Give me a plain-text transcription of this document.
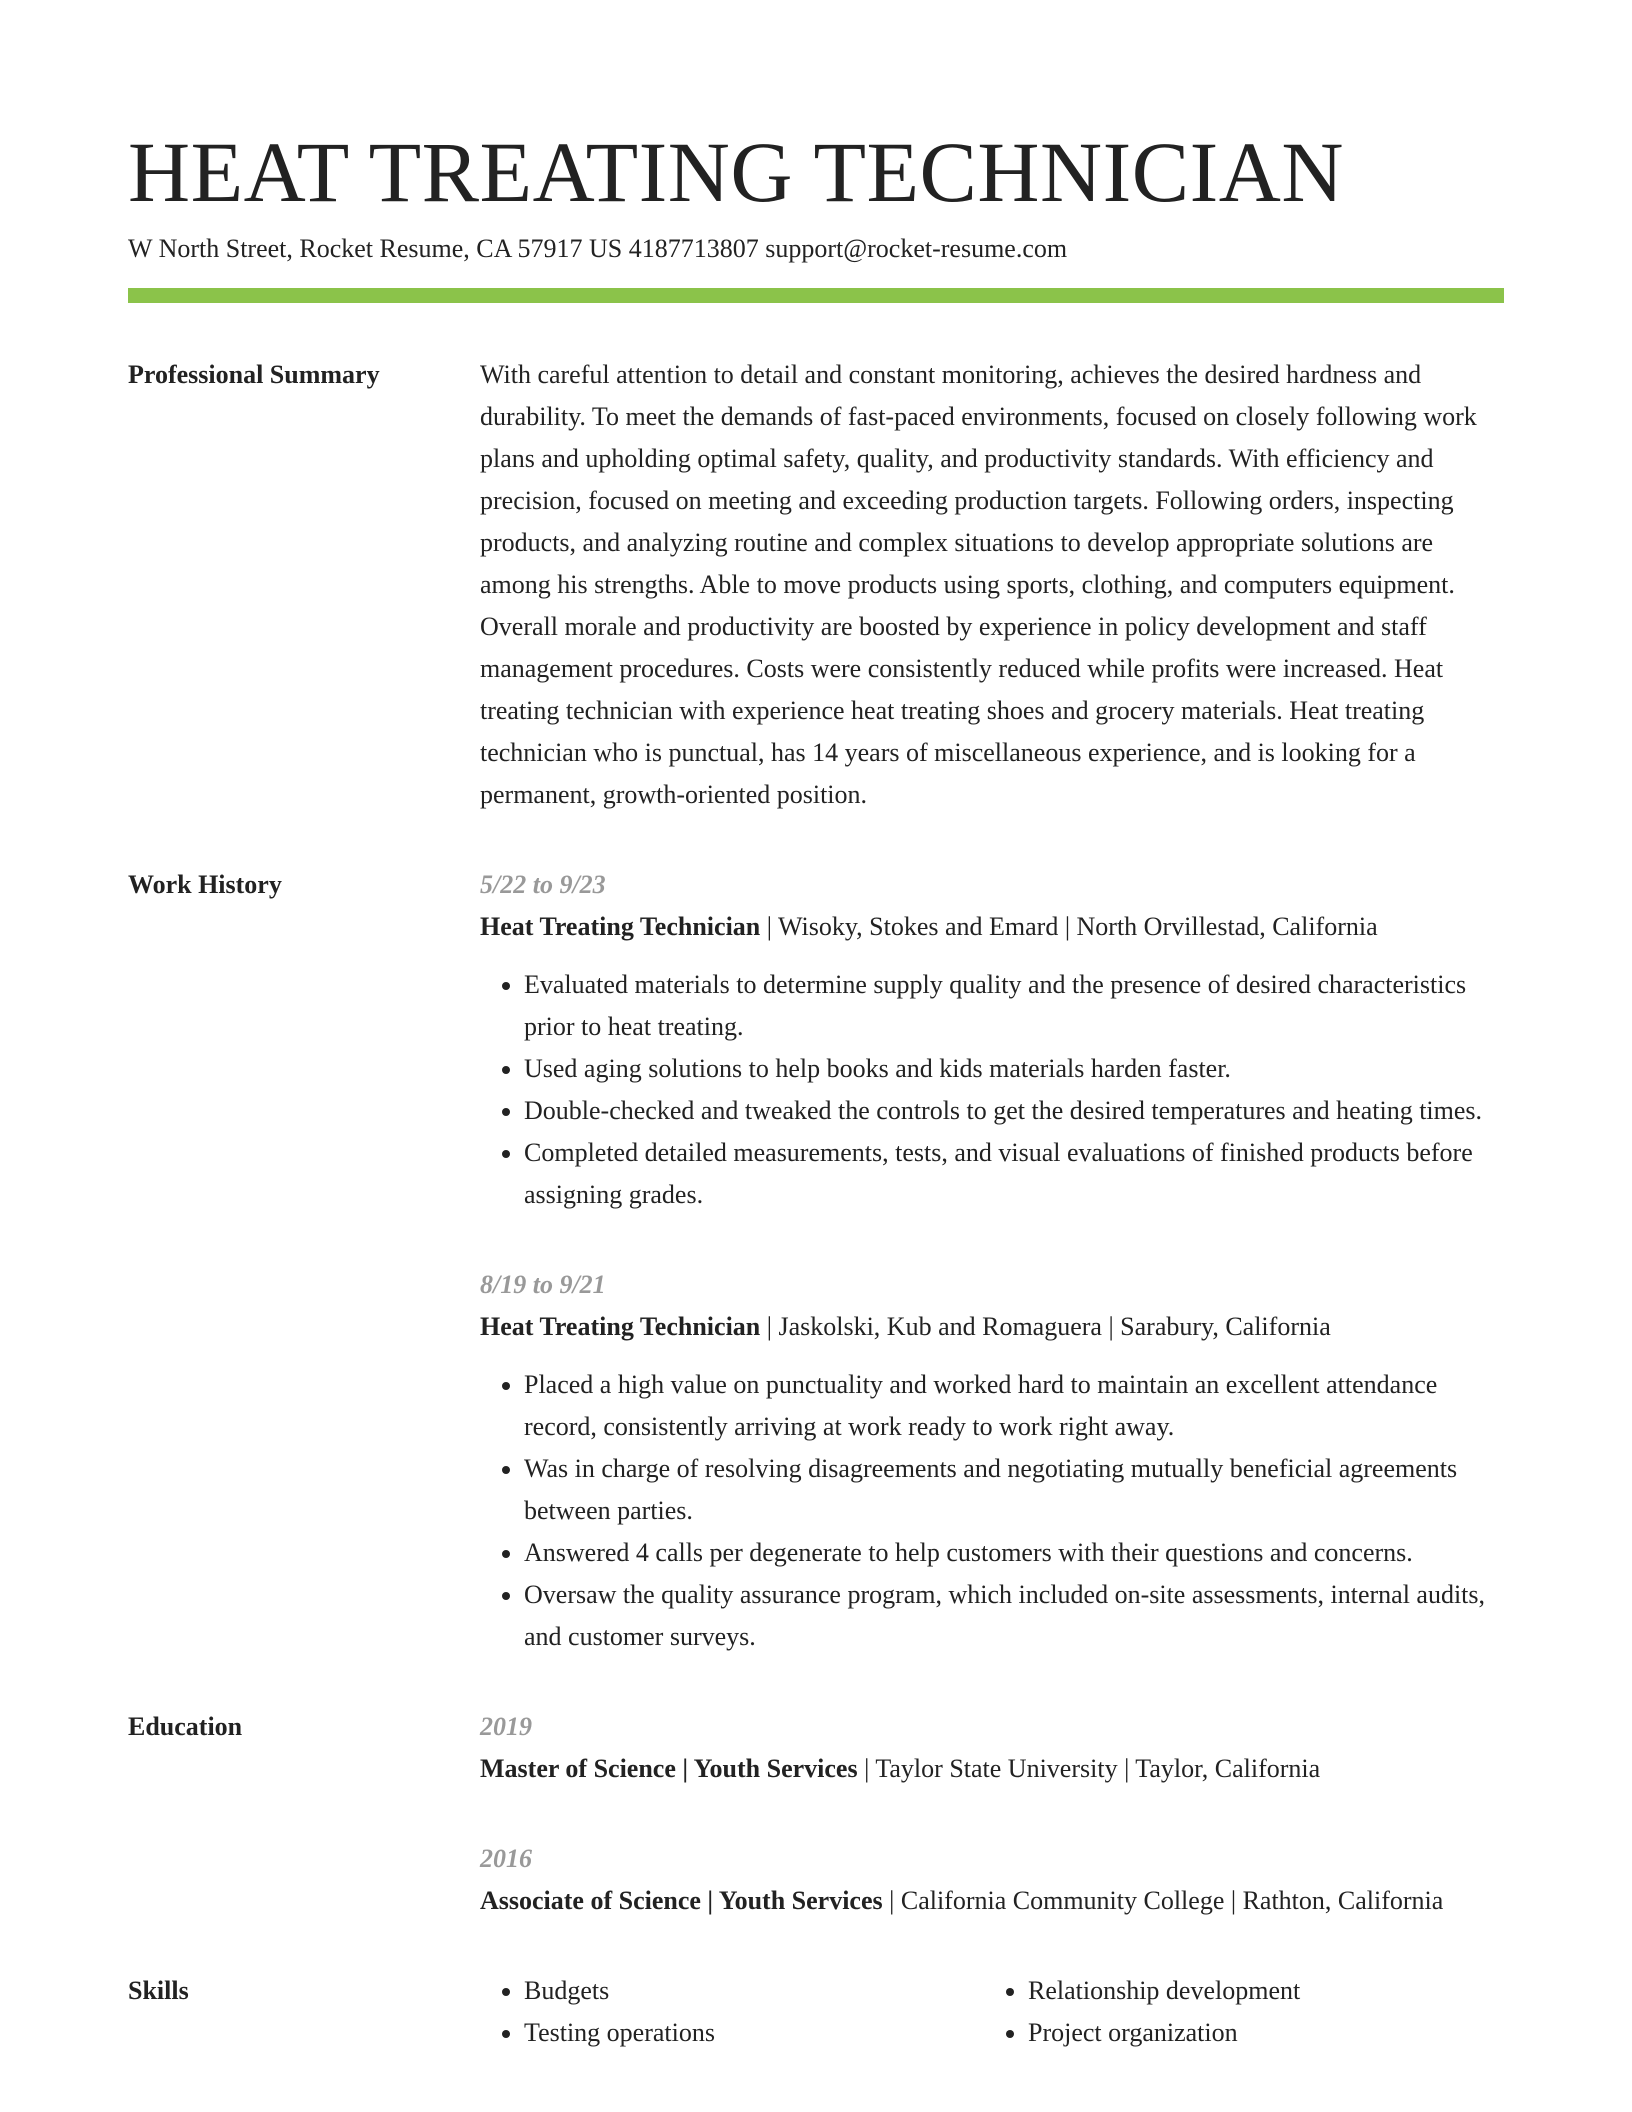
HEAT TREATING TECHNICIAN
W North Street, Rocket Resume, CA 57917 US 4187713807 support@rocket-resume.com
Professional Summary	With careful attention to detail and constant monitoring, achieves the desired hardness and durability. To meet the demands of fast-paced environments, focused on closely following work plans and upholding optimal safety, quality, and productivity standards. With efficiency and precision, focused on meeting and exceeding production targets. Following orders, inspecting products, and analyzing routine and complex situations to develop appropriate solutions are among his strengths. Able to move products using sports, clothing, and computers equipment. Overall morale and productivity are boosted by experience in policy development and staff management procedures. Costs were consistently reduced while profits were increased. Heat treating technician with experience heat treating shoes and grocery materials. Heat treating technician who is punctual, has 14 years of miscellaneous experience, and is looking for a permanent, growth-oriented position.

Work History	5/22 to 9/23
Heat Treating Technician | Wisoky, Stokes and Emard | North Orvillestad, California
• Evaluated materials to determine supply quality and the presence of desired characteristics prior to heat treating.
• Used aging solutions to help books and kids materials harden faster.
• Double-checked and tweaked the controls to get the desired temperatures and heating times.
• Completed detailed measurements, tests, and visual evaluations of finished products before assigning grades.
8/19 to 9/21
Heat Treating Technician | Jaskolski, Kub and Romaguera | Sarabury, California
• Placed a high value on punctuality and worked hard to maintain an excellent attendance record, consistently arriving at work ready to work right away.
• Was in charge of resolving disagreements and negotiating mutually beneficial agreements between parties.
• Answered 4 calls per degenerate to help customers with their questions and concerns.
• Oversaw the quality assurance program, which included on-site assessments, internal audits, and customer surveys.
Education	2019
Master of Science | Youth Services | Taylor State University | Taylor, California
2016
Associate of Science | Youth Services | California Community College | Rathton, California
Skills
•	Budgets
• Testing operations
• Relationship development
• Project organization
